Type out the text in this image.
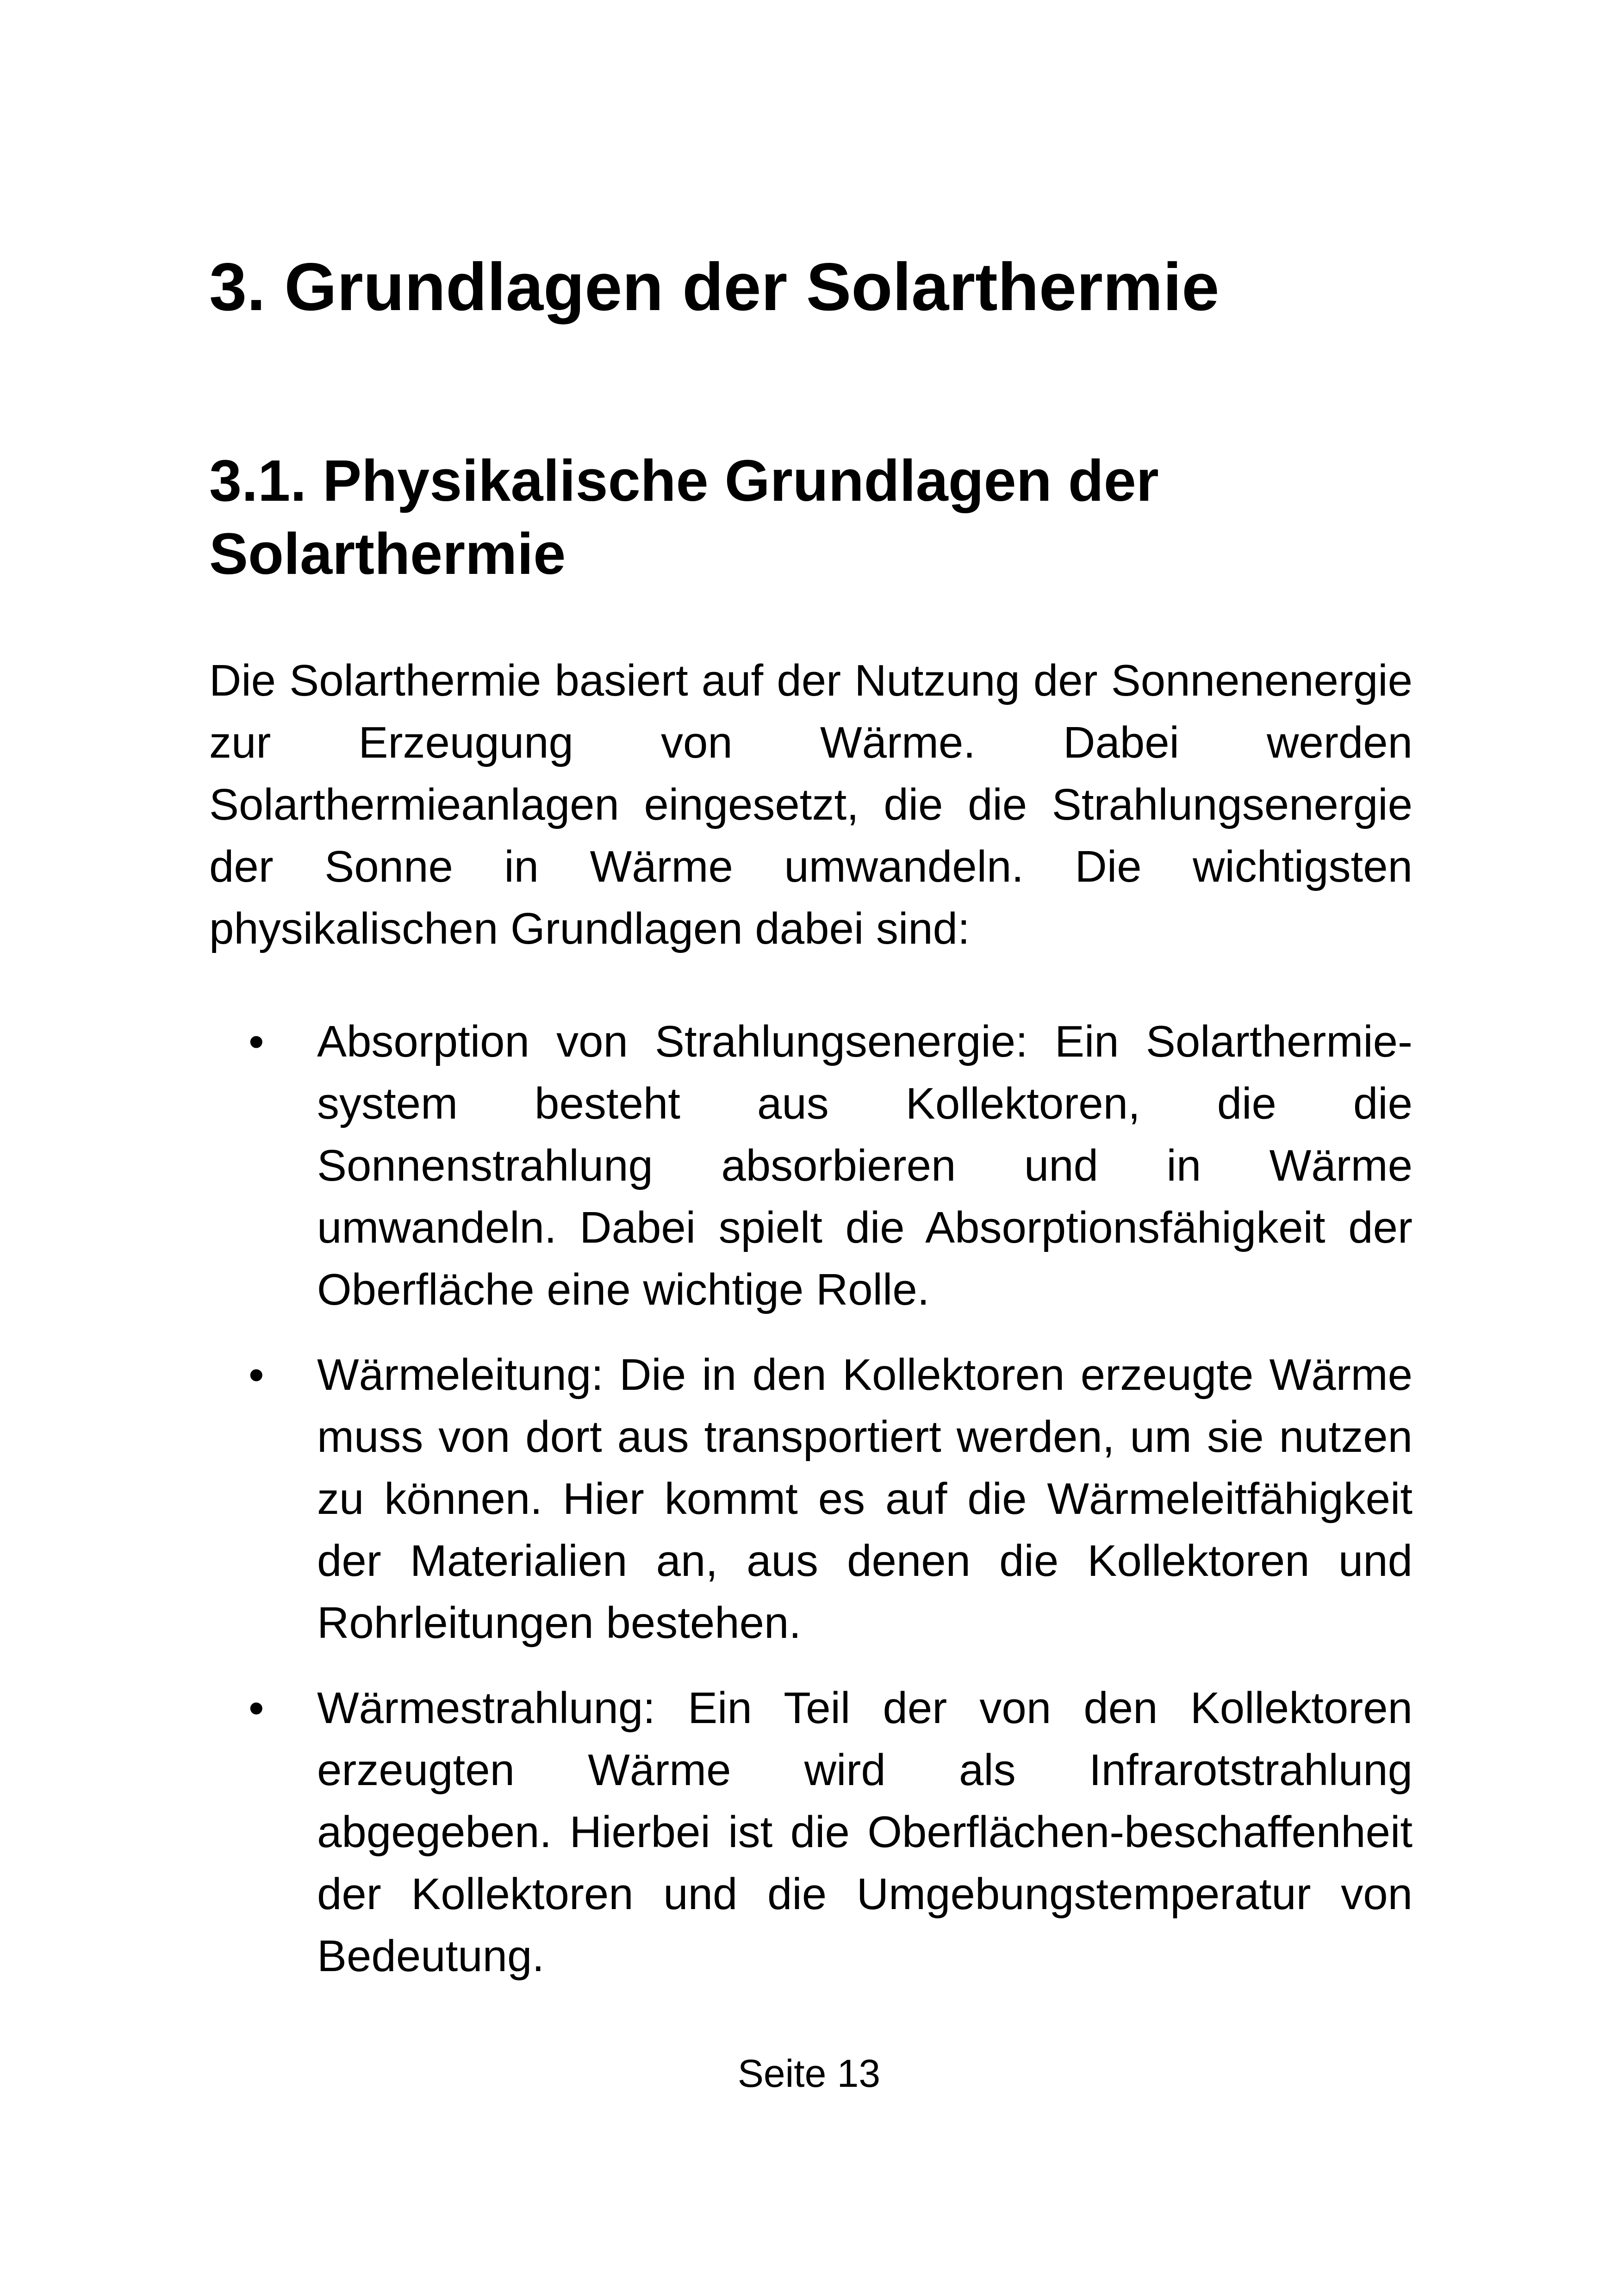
3. Grundlagen der Solarthermie
3.1. Physikalische Grundlagen der Solarthermie

Die Solarthermie basiert auf der Nutzung der Sonnenenergie zur Erzeugung von Wärme. Dabei werden Solarthermieanlagen eingesetzt, die die Strahlungsenergie der Sonne in Wärme umwandeln. Die wichtigsten physikalischen Grundlagen dabei sind:

• Absorption von Strahlungsenergie: Ein Solarthermie-system besteht aus Kollektoren, die die Sonnenstrahlung absorbieren und in Wärme umwandeln. Dabei spielt die Absorptionsfähigkeit der Oberfläche eine wichtige Rolle.
• Wärmeleitung: Die in den Kollektoren erzeugte Wärme muss von dort aus transportiert werden, um sie nutzen zu können. Hier kommt es auf die Wärmeleitfähigkeit der Materialien an, aus denen die Kollektoren und Rohrleitungen bestehen.
• Wärmestrahlung: Ein Teil der von den Kollektoren erzeugten Wärme wird als Infrarotstrahlung abgegeben. Hierbei ist die Oberflächen-beschaffenheit der Kollektoren und die Umgebungstemperatur von Bedeutung.
Seite 13
